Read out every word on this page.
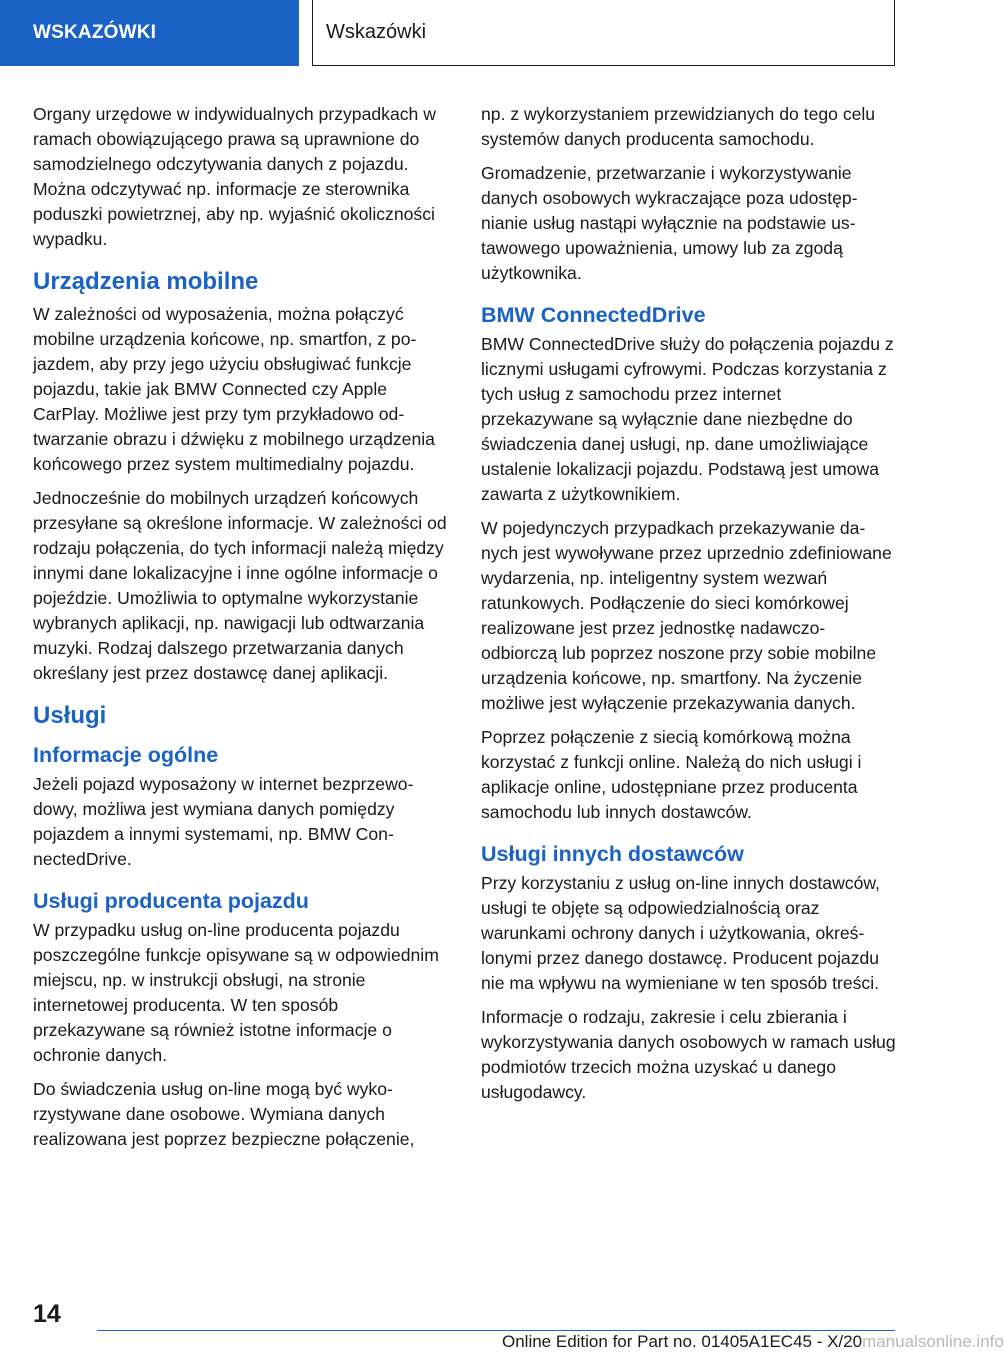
WSKAZÓWKI	Wskazówki

Organy urzędowe w indywidualnych przypadkach w ramach obowiązującego prawa są uprawnione do samodzielnego odczytywania danych z pojazdu. Można odczytywać np. informacje ze sterownika poduszki powietrznej, aby np. wyjaśnić okoliczności wypadku.

Urządzenia mobilne

W zależności od wyposażenia, można połączyć mobilne urządzenia końcowe, np. smartfon, z pojazdem, aby przy jego użyciu obsługiwać funkcje pojazdu, takie jak BMW Connected czy Apple CarPlay. Możliwe jest przy tym przykładowo odtwarzanie obrazu i dźwięku z mobilnego urządzenia końcowego przez system multimedialny pojazdu.

Jednocześnie do mobilnych urządzeń końcowych przesyłane są określone informacje. W zależności od rodzaju połączenia, do tych informacji należą między innymi dane lokalizacyjne i inne ogólne informacje o pojeździe. Umożliwia to optymalne wykorzystanie wybranych aplikacji, np. nawigacji lub odtwarzania muzyki. Rodzaj dalszego przetwarzania danych określany jest przez dostawcę danej aplikacji.

Usługi
Informacje ogólne

Jeżeli pojazd wyposażony w internet bezprzewodowy, możliwa jest wymiana danych pomiędzy pojazdem a innymi systemami, np. BMW ConnectedDrive.

Usługi producenta pojazdu

W przypadku usług on-line producenta pojazdu poszczególne funkcje opisywane są w odpowiednim miejscu, np. w instrukcji obsługi, na stronie internetowej producenta. W ten sposób przekazywane są również istotne informacje o ochronie danych.

Do świadczenia usług on-line mogą być wykorzystywane dane osobowe. Wymiana danych realizowana jest poprzez bezpieczne połączenie,

np. z wykorzystaniem przewidzianych do tego celu systemów danych producenta samochodu.

Gromadzenie, przetwarzanie i wykorzystywanie danych osobowych wykraczające poza udostępnianie usług nastąpi wyłącznie na podstawie ustawowego upoważnienia, umowy lub za zgodą użytkownika.

BMW ConnectedDrive

BMW ConnectedDrive służy do połączenia pojazdu z licznymi usługami cyfrowymi. Podczas korzystania z tych usług z samochodu przez internet przekazywane są wyłącznie dane niezbędne do świadczenia danej usługi, np. dane umożliwiające ustalenie lokalizacji pojazdu. Podstawą jest umowa zawarta z użytkownikiem.

W pojedynczych przypadkach przekazywanie danych jest wywoływane przez uprzednio zdefiniowane wydarzenia, np. inteligentny system wezwań ratunkowych. Podłączenie do sieci komórkowej realizowane jest przez jednostkę nadawczo-odbiorczą lub poprzez noszone przy sobie mobilne urządzenia końcowe, np. smartfony. Na życzenie możliwe jest wyłączenie przekazywania danych.

Poprzez połączenie z siecią komórkową można korzystać z funkcji online. Należą do nich usługi i aplikacje online, udostępniane przez producenta samochodu lub innych dostawców.

Usługi innych dostawców

Przy korzystaniu z usług on-line innych dostawców, usługi te objęte są odpowiedzialnością oraz warunkami ochrony danych i użytkowania, określonymi przez danego dostawcę. Producent pojazdu nie ma wpływu na wymieniane w ten sposób treści.

Informacje o rodzaju, zakresie i celu zbierania i wykorzystywania danych osobowych w ramach usług podmiotów trzecich można uzyskać u danego usługodawcy.

14
Online Edition for Part no. 01405A1EC45 - X/20manualsonline.info
